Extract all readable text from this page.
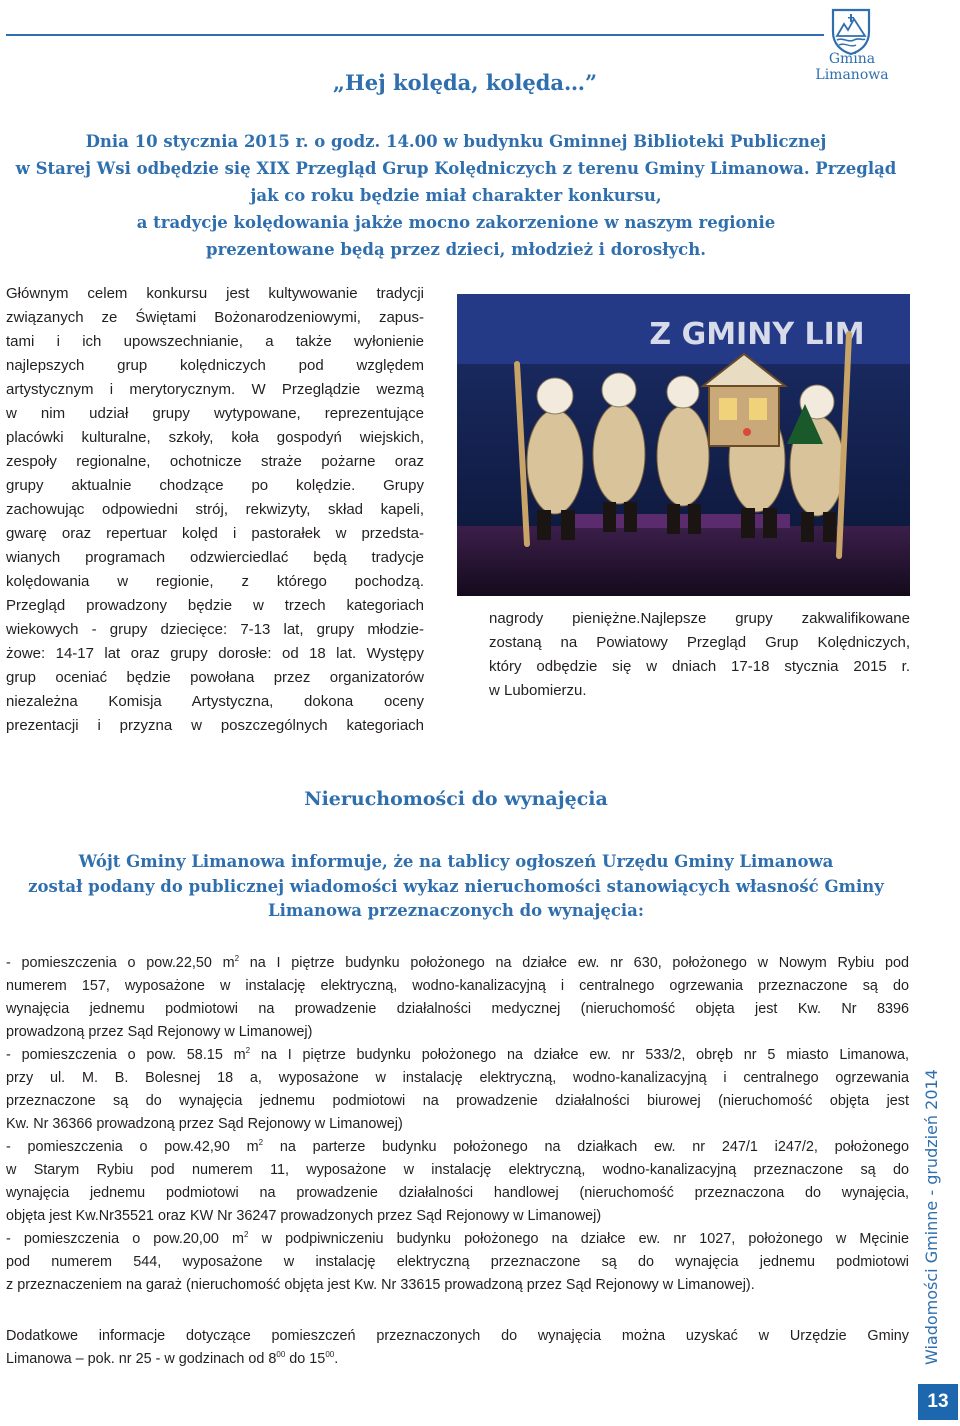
Gmina Limanowa
„Hej kolęda, kolęda…”

Dnia 10 stycznia 2015 r. o godz. 14.00 w budynku Gminnej Biblioteki Publicznej
w Starej Wsi odbędzie się XIX Przegląd Grup Kolędniczych z terenu Gminy Limanowa. Przegląd
jak co roku będzie miał charakter konkursu,
a tradycje kolędowania jakże mocno zakorzenione w naszym regionie
prezentowane będą przez dzieci, młodzież i dorosłych.

Głównym celem konkursu jest kultywowanie tradycji
związanych ze Świętami Bożonarodzeniowymi, zapus-
tami i ich upowszechnianie, a także wyłonienie
najlepszych grup kolędniczych pod względem
artystycznym i merytorycznym. W Przeglądzie wezmą
w nim udział grupy wytypowane, reprezentujące
placówki kulturalne, szkoły, koła gospodyń wiejskich,
zespoły regionalne, ochotnicze straże pożarne oraz
grupy aktualnie chodzące po kolędzie. Grupy
zachowując odpowiedni strój, rekwizyty, skład kapeli,
gwarę oraz repertuar kolęd i pastorałek w przedsta-
wianych programach odzwierciedlać będą tradycje
kolędowania w regionie, z którego pochodzą.
Przegląd prowadzony będzie w trzech kategoriach
wiekowych - grupy dziecięce: 7-13 lat, grupy młodzie-
żowe: 14-17 lat oraz grupy dorosłe: od 18 lat. Występy
grup oceniać będzie powołana przez organizatorów
niezależna Komisja Artystyczna, dokona oceny
prezentacji i przyzna w poszczególnych kategoriach

Z GMINY LIM

nagrody pieniężne.Najlepsze grupy zakwalifikowane
zostaną na Powiatowy Przegląd Grup Kolędniczych,
który odbędzie się w dniach 17-18 stycznia 2015 r.
w Lubomierzu.

Nieruchomości do wynajęcia

Wójt Gminy Limanowa informuje, że na tablicy ogłoszeń Urzędu Gminy Limanowa
został podany do publicznej wiadomości wykaz nieruchomości stanowiących własność Gminy
Limanowa przeznaczonych do wynajęcia:

- pomieszczenia o pow.22,50 $m^2$ na I piętrze budynku położonego na działce ew. nr 630, położonego w Nowym Rybiu pod
numerem 157, wyposażone w instalację elektryczną, wodno-kanalizacyjną i centralnego ogrzewania przeznaczone są do
wynajęcia jednemu podmiotowi na prowadzenie działalności medycznej (nieruchomość objęta jest Kw. Nr 8396
prowadzoną przez Sąd Rejonowy w Limanowej)
- pomieszczenia o pow. 58.15 $m^2$ na I piętrze budynku położonego na działce ew. nr 533/2, obręb nr 5 miasto Limanowa,
przy ul. M. B. Bolesnej 18 a, wyposażone w instalację elektryczną, wodno-kanalizacyjną i centralnego ogrzewania
przeznaczone są do wynajęcia jednemu podmiotowi na prowadzenie działalności biurowej (nieruchomość objęta jest
Kw. Nr 36366 prowadzoną przez Sąd Rejonowy w Limanowej)
- pomieszczenia o pow.42,90 $m^2$ na parterze budynku położonego na działkach ew. nr 247/1 i247/2, położonego
w Starym Rybiu pod numerem 11, wyposażone w instalację elektryczną, wodno-kanalizacyjną przeznaczone są do
wynajęcia jednemu podmiotowi na prowadzenie działalności handlowej (nieruchomość przeznaczona do wynajęcia,
objęta jest Kw.Nr35521 oraz KW Nr 36247 prowadzonych przez Sąd Rejonowy w Limanowej)
- pomieszczenia o pow.20,00 $m^2$ w podpiwniczeniu budynku położonego na działce ew. nr 1027, położonego w Męcinie
pod numerem 544, wyposażone w instalację elektryczną przeznaczone są do wynajęcia jednemu podmiotowi
z przeznaczeniem na garaż (nieruchomość objęta jest Kw. Nr 33615 prowadzoną przez Sąd Rejonowy w Limanowej).

Dodatkowe informacje dotyczące pomieszczeń przeznaczonych do wynajęcia można uzyskać w Urzędzie Gminy
Limanowa – pok. nr 25 - w godzinach od $8^{00}$ do $15^{00}$.	Wiadomości Gminne - grudzień 2014
13
